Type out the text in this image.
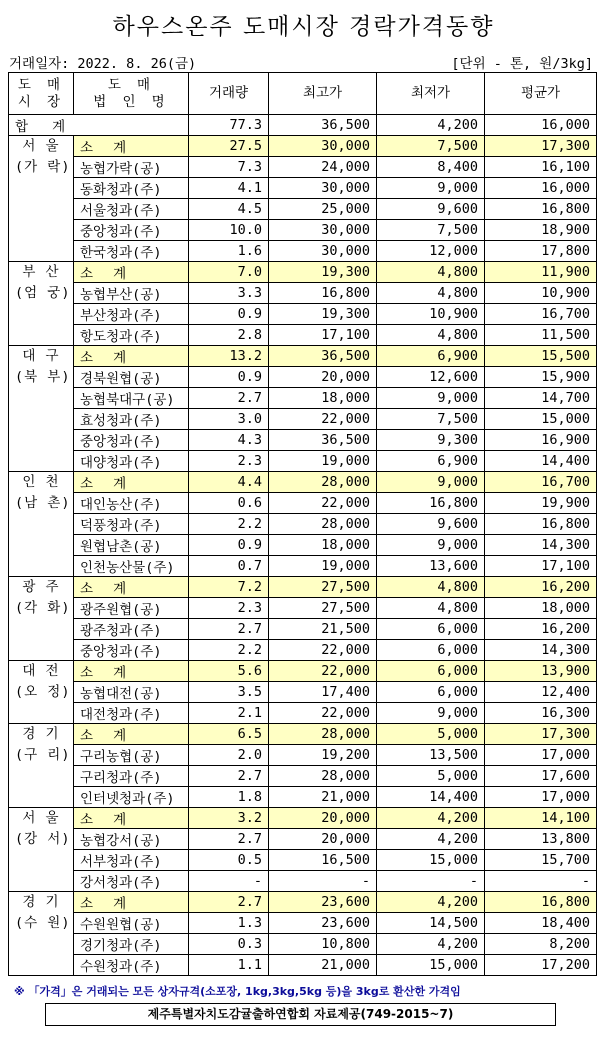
하우스온주 도매시장 경락가격동향
거래일자: 2022. 8. 26(금)	[단위 - 톤, 원/3kg]
도 매
시 장	도 매
법 인 명	거래량	최고가	최저가	평균가
합 계		77.3	36,500	4,200	16,000

서 울
(가 락)	소 계	27.5	30,000	7,500	17,300
	농협가락(공)	7.3	24,000	8,400	16,100
	동화청과(주)	4.1	30,000	9,000	16,000
	서울청과(주)	4.5	25,000	9,600	16,800
	중앙청과(주)	10.0	30,000	7,500	18,900
	한국청과(주)	1.6	30,000	12,000	17,800

부 산
(엄 궁)	소 계	7.0	19,300	4,800	11,900
	농협부산(공)	3.3	16,800	4,800	10,900
	부산청과(주)	0.9	19,300	10,900	16,700
	항도청과(주)	2.8	17,100	4,800	11,500

대 구
(북 부)	소 계	13.2	36,500	6,900	15,500
	경북원협(공)	0.9	20,000	12,600	15,900
	농협북대구(공)	2.7	18,000	9,000	14,700
	효성청과(주)	3.0	22,000	7,500	15,000
	중앙청과(주)	4.3	36,500	9,300	16,900
	대양청과(주)	2.3	19,000	6,900	14,400

인 천
(남 촌)	소 계	4.4	28,000	9,000	16,700
	대인농산(주)	0.6	22,000	16,800	19,900
	덕풍청과(주)	2.2	28,000	9,600	16,800
	원협남촌(공)	0.9	18,000	9,000	14,300
	인천농산물(주)	0.7	19,000	13,600	17,100

광 주
(각 화)	소 계	7.2	27,500	4,800	16,200
	광주원협(공)	2.3	27,500	4,800	18,000
	광주청과(주)	2.7	21,500	6,000	16,200
	중앙청과(주)	2.2	22,000	6,000	14,300

대 전
(오 정)	소 계	5.6	22,000	6,000	13,900
	농협대전(공)	3.5	17,400	6,000	12,400
	대전청과(주)	2.1	22,000	9,000	16,300

경 기
(구 리)	소 계	6.5	28,000	5,000	17,300
	구리농협(공)	2.0	19,200	13,500	17,000
	구리청과(주)	2.7	28,000	5,000	17,600
	인터넷청과(주)	1.8	21,000	14,400	17,000

서 울
(강 서)	소 계	3.2	20,000	4,200	14,100
	농협강서(공)	2.7	20,000	4,200	13,800
	서부청과(주)	0.5	16,500	15,000	15,700
	강서청과(주)	-	-	-	-

경 기
(수 원)	소 계	2.7	23,600	4,200	16,800
	수원원협(공)	1.3	23,600	14,500	18,400
	경기청과(주)	0.3	10,800	4,200	8,200
	수원청과(주)	1.1	21,000	15,000	17,200
※ 「가격」은 거래되는 모든 상자규격(소포장, 1kg,3kg,5kg 등)을 3kg로 환산한 가격임
제주특별자치도감귤출하연합회 자료제공(749-2015~7)
